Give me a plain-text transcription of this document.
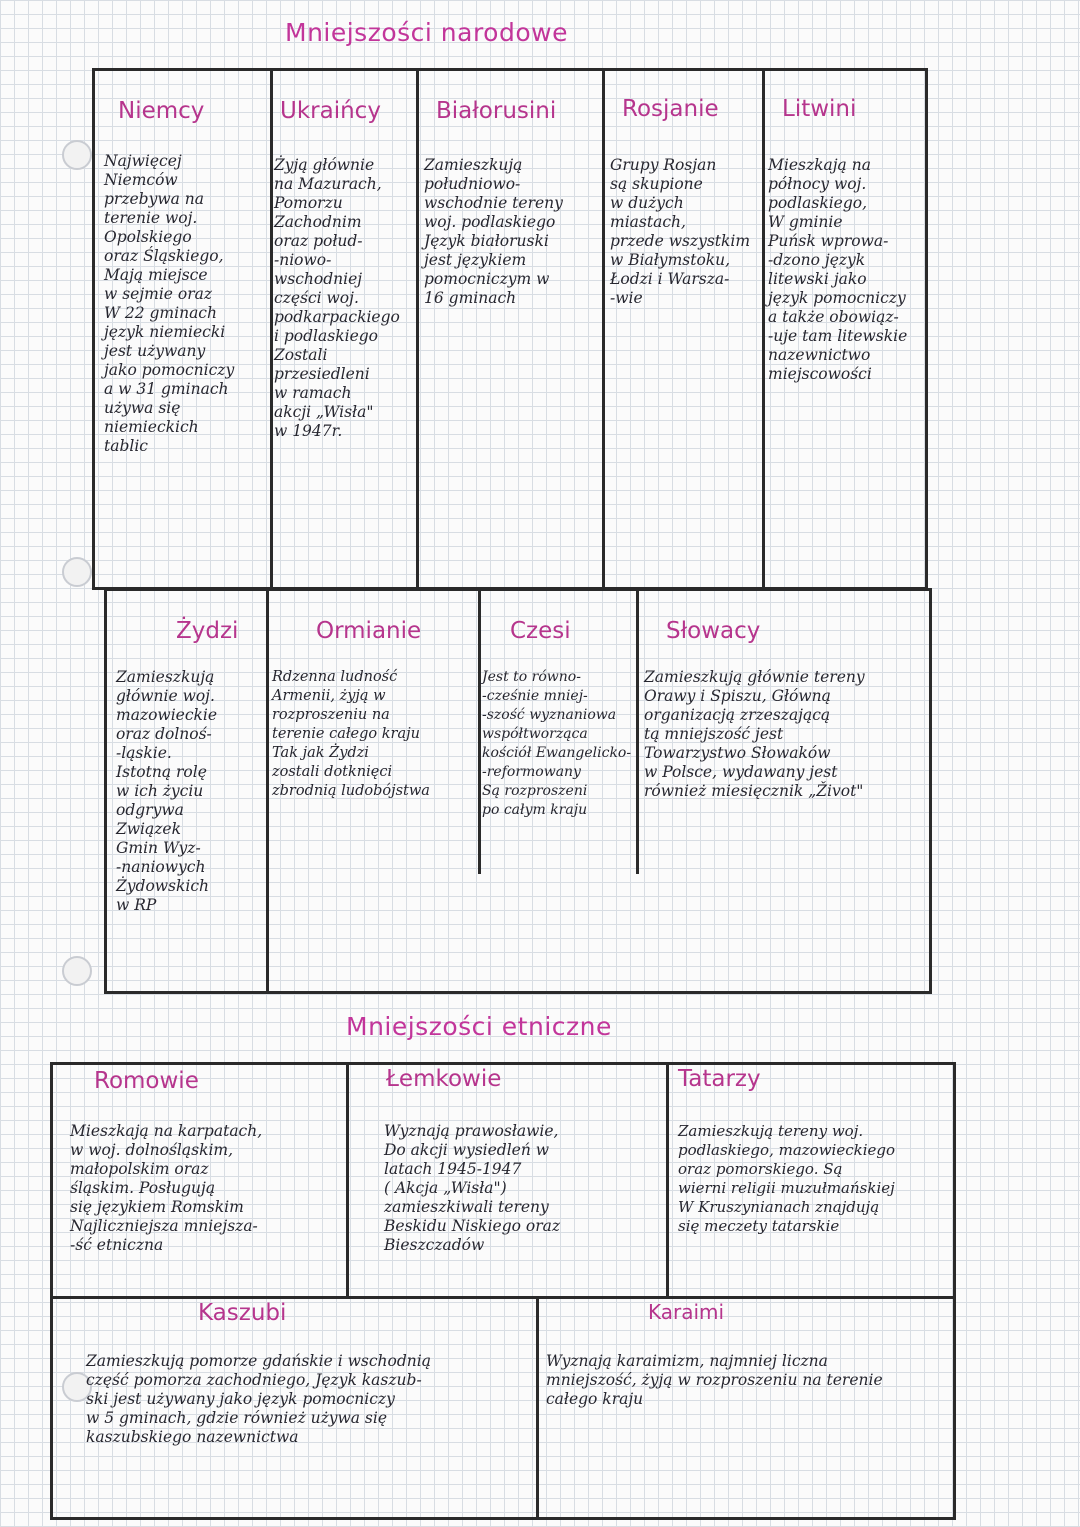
Mniejszości narodowe
Niemcy
Najwięcej
Niemców
przebywa na
terenie woj.
Opolskiego
oraz Śląskiego,
Mają miejsce
w sejmie oraz
W 22 gminach
język niemiecki
jest używany
jako pomocniczy
a w 31 gminach
używa się
niemieckich
tablic
Ukraińcy
Żyją głównie
na Mazurach,
Pomorzu
Zachodnim
oraz połud-
-niowo-wschodniej
części woj.
podkarpackiego
i podlaskiego
Zostali
przesiedleni
w ramach
akcji „Wisła"
w 1947r.
Białorusini
Zamieszkują
południowo-
wschodnie tereny
woj. podlaskiego
Język białoruski
jest językiem
pomocniczym w
16 gminach
Rosjanie
Grupy Rosjan
są skupione
w dużych
miastach,
przede wszystkim
w Białymstoku,
Łodzi i Warsza-
-wie
Litwini
Mieszkają na
północy woj.
podlaskiego,
W gminie
Puńsk wprowa-
-dzono język
litewski jako
język pomocniczy
a także obowiąz-
-uje tam litewskie
nazewnictwo
miejscowości
Żydzi
Zamieszkują
głównie woj.
mazowieckie
oraz dolnoś-
-ląskie.
Istotną rolę
w ich życiu
odgrywa
Związek
Gmin Wyz-
-naniowych
Żydowskich
w RP
Ormianie
Rdzenna ludność
Armenii, żyją w
rozproszeniu na
terenie całego kraju
Tak jak Żydzi
zostali dotknięci
zbrodnią ludobójstwa
Czesi
Jest to równo-
-cześnie mniej-
-szość wyznaniowa
współtworząca
kościół Ewangelicko-
-reformowany
Są rozproszeni
po całym kraju
Słowacy
Zamieszkują głównie tereny
Orawy i Spiszu, Główną
organizacją zrzeszającą
tą mniejszość jest
Towarzystwo Słowaków
w Polsce, wydawany jest
również miesięcznik „Život"
Mniejszości etniczne
Romowie
Mieszkają na karpatach,
w woj. dolnośląskim,
małopolskim oraz
śląskim. Posługują
się językiem Romskim
Najliczniejsza mniejsza-
-ść etniczna
Łemkowie
Wyznają prawosławie,
Do akcji wysiedleń w
latach 1945-1947
( Akcja „Wisła")
zamieszkiwali tereny
Beskidu Niskiego oraz
Bieszczadów
Tatarzy
Zamieszkują tereny woj.
podlaskiego, mazowieckiego
oraz pomorskiego. Są
wierni religii muzułmańskiej
W Kruszynianach znajdują
się meczety tatarskie
Kaszubi
Zamieszkują pomorze gdańskie i wschodnią
część pomorza zachodniego, Język kaszub-
ski jest używany jako język pomocniczy
w 5 gminach, gdzie również używa się
kaszubskiego nazewnictwa
Karaimi
Wyznają karaimizm, najmniej liczna
mniejszość, żyją w rozproszeniu na terenie
całego kraju
